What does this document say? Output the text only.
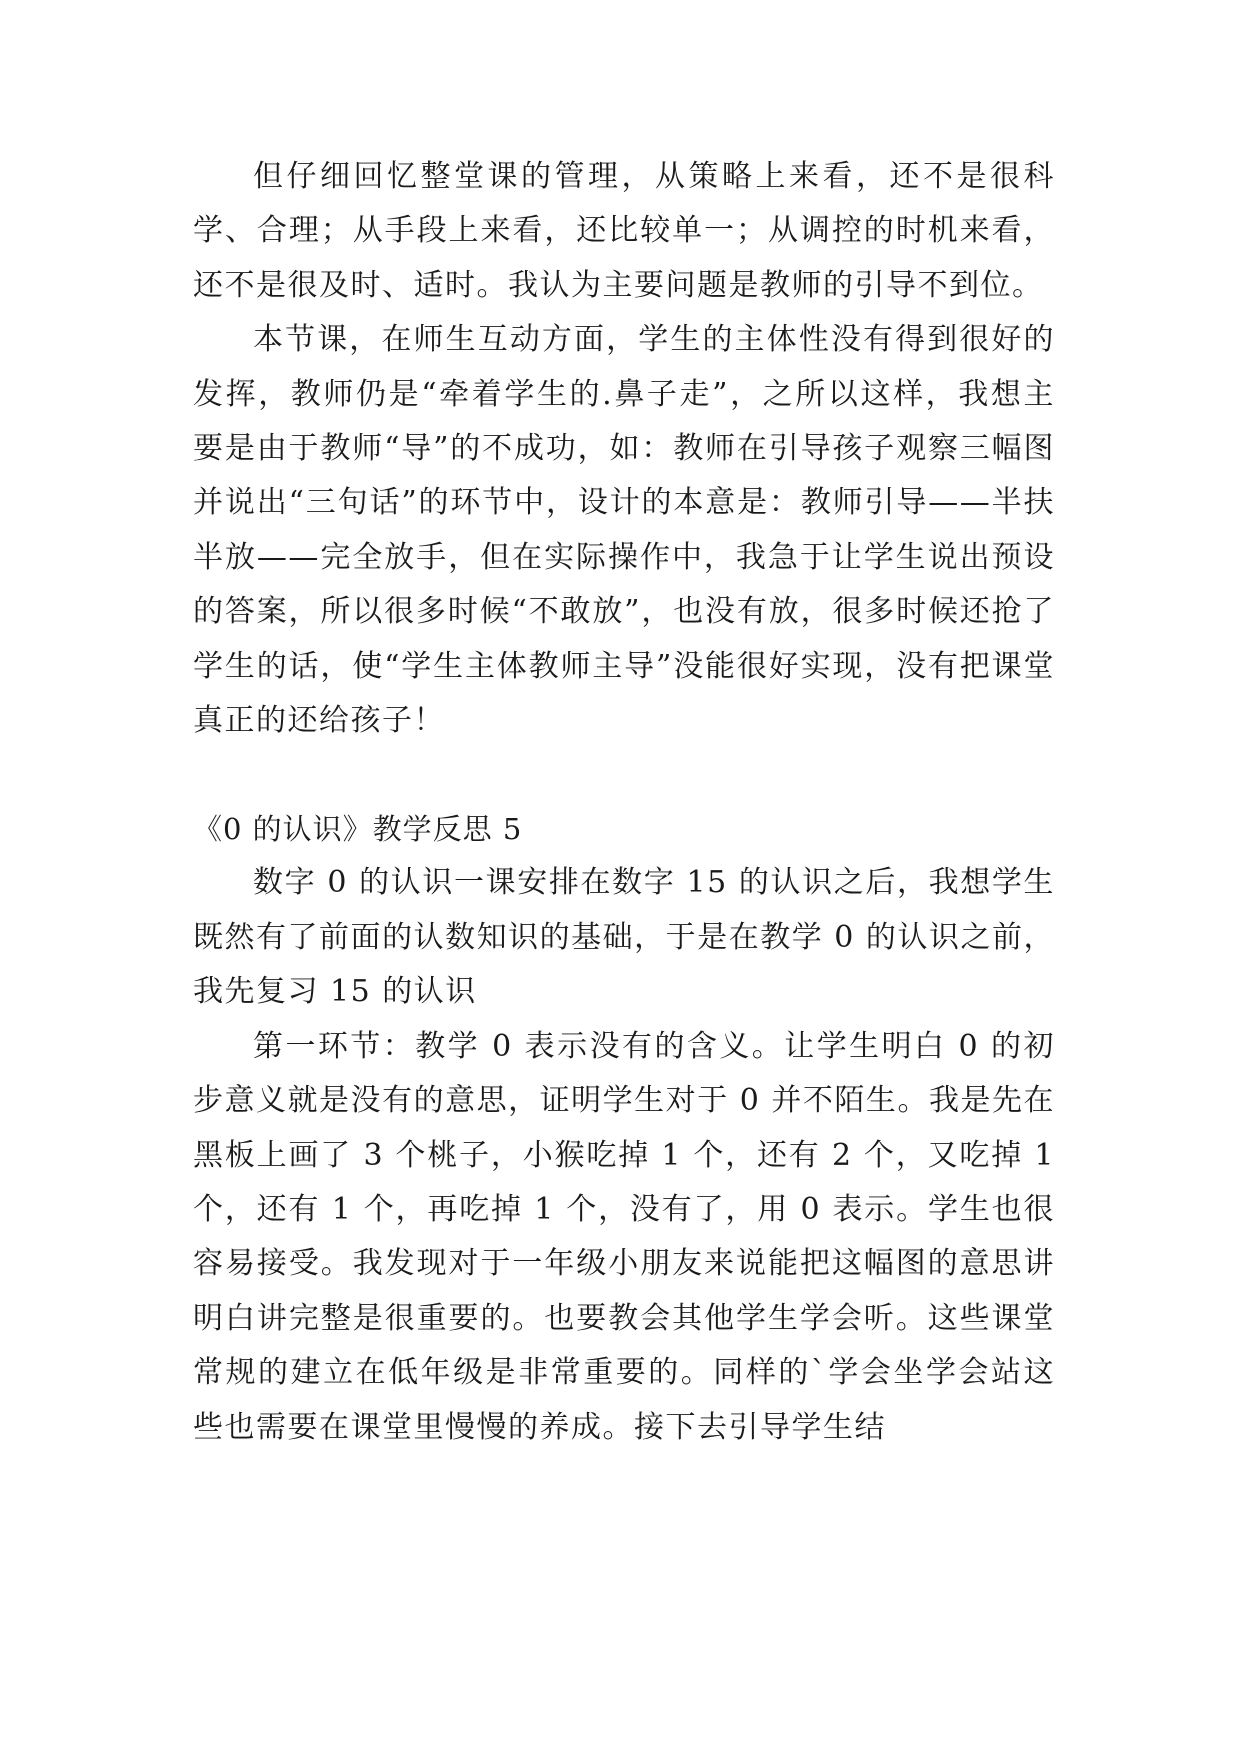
但仔细回忆整堂课的管理，从策略上来看，还不是很科学、合理；从手段上来看，还比较单一；从调控的时机来看，还不是很及时、适时。我认为主要问题是教师的引导不到位。

本节课，在师生互动方面，学生的主体性没有得到很好的发挥，教师仍是“牵着学生的.鼻子走”，之所以这样，我想主要是由于教师“导”的不成功，如：教师在引导孩子观察三幅图并说出“三句话”的环节中，设计的本意是：教师引导——半扶半放——完全放手，但在实际操作中，我急于让学生说出预设的答案，所以很多时候“不敢放”，也没有放，很多时候还抢了学生的话，使“学生主体教师主导”没能很好实现，没有把课堂真正的还给孩子！

《0 的认识》教学反思 5

数字 0 的认识一课安排在数字 15 的认识之后，我想学生既然有了前面的认数知识的基础，于是在教学 0 的认识之前，我先复习 15 的认识

第一环节：教学 0 表示没有的含义。让学生明白 0 的初步意义就是没有的意思，证明学生对于 0 并不陌生。我是先在黑板上画了 3 个桃子，小猴吃掉 1 个，还有 2 个，又吃掉 1 个，还有 1 个，再吃掉 1 个，没有了，用 0 表示。学生也很容易接受。我发现对于一年级小朋友来说能把这幅图的意思讲明白讲完整是很重要的。也要教会其他学生学会听。这些课堂常规的建立在低年级是非常重要的。同样的`学会坐学会站这些也需要在课堂里慢慢的养成。接下去引导学生结
